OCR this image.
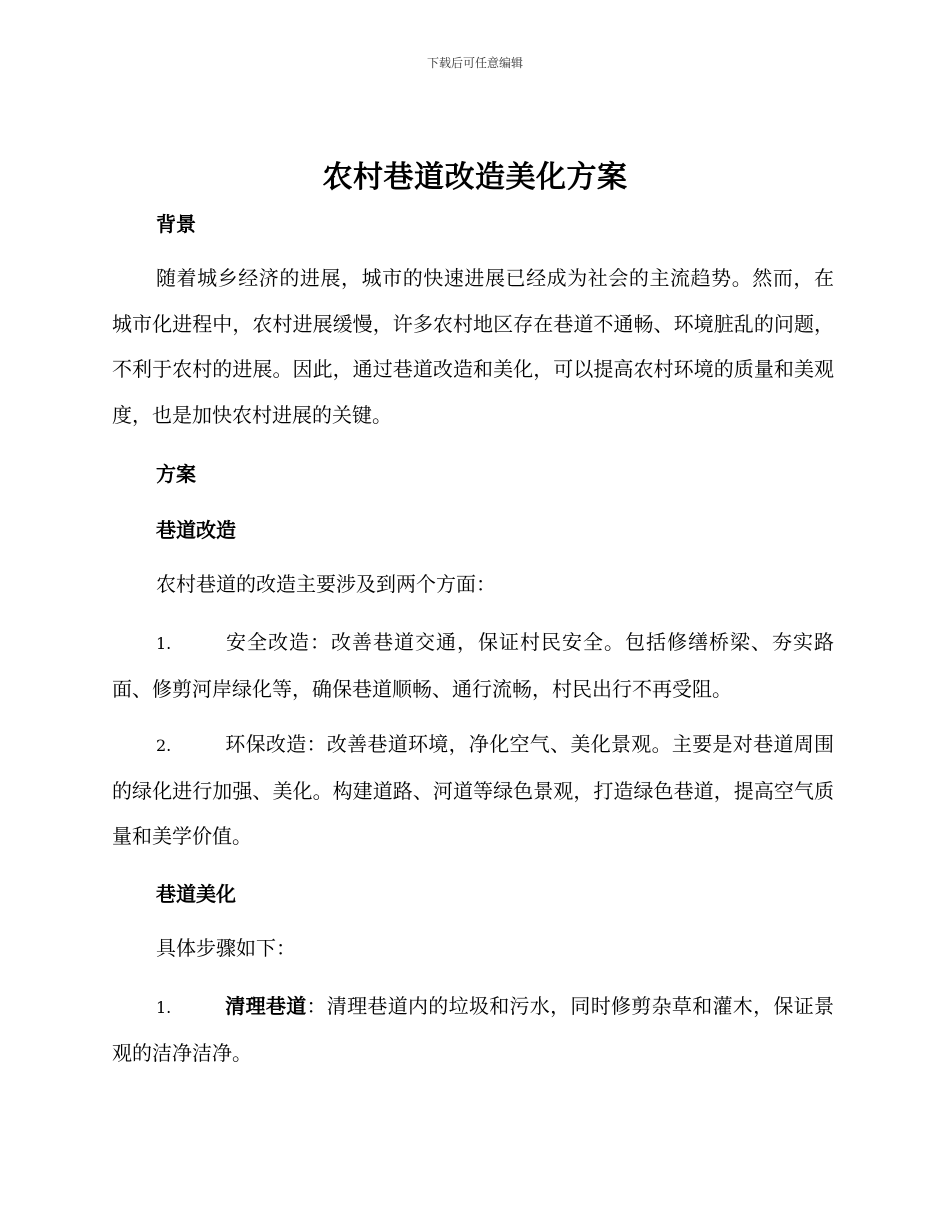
下载后可任意编辑
农村巷道改造美化方案
背景
随着城乡经济的进展，城市的快速进展已经成为社会的主流趋势。然而，在城市化进程中，农村进展缓慢，许多农村地区存在巷道不通畅、环境脏乱的问题，不利于农村的进展。因此，通过巷道改造和美化，可以提高农村环境的质量和美观度，也是加快农村进展的关键。
方案
巷道改造
农村巷道的改造主要涉及到两个方面：
1.	安全改造：改善巷道交通，保证村民安全。包括修缮桥梁、夯实路面、修剪河岸绿化等，确保巷道顺畅、通行流畅，村民出行不再受阻。
2.	环保改造：改善巷道环境，净化空气、美化景观。主要是对巷道周围的绿化进行加强、美化。构建道路、河道等绿色景观，打造绿色巷道，提高空气质量和美学价值。
巷道美化
具体步骤如下：
1.	清理巷道：清理巷道内的垃圾和污水，同时修剪杂草和灌木，保证景观的洁净洁净。
